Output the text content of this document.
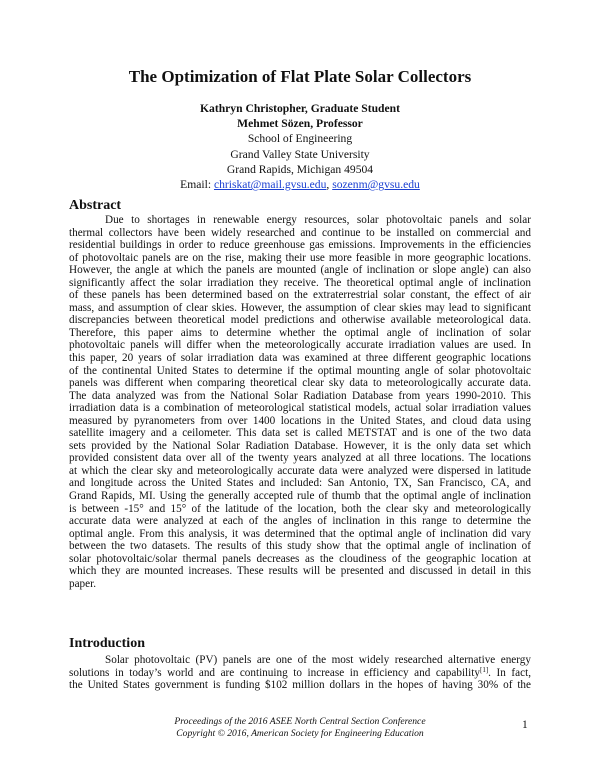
The Optimization of Flat Plate Solar Collectors
Kathryn Christopher, Graduate Student
Mehmet Sözen, Professor
School of Engineering
Grand Valley State University
Grand Rapids, Michigan 49504
Email: chriskat@mail.gvsu.edu, sozenm@gvsu.edu
Abstract
Due to shortages in renewable energy resources, solar photovoltaic panels and solar
thermal collectors have been widely researched and continue to be installed on commercial and
residential buildings in order to reduce greenhouse gas emissions. Improvements in the efficiencies
of photovoltaic panels are on the rise, making their use more feasible in more geographic locations.
However, the angle at which the panels are mounted (angle of inclination or slope angle) can also
significantly affect the solar irradiation they receive. The theoretical optimal angle of inclination
of these panels has been determined based on the extraterrestrial solar constant, the effect of air
mass, and assumption of clear skies. However, the assumption of clear skies may lead to significant
discrepancies between theoretical model predictions and otherwise available meteorological data.
Therefore, this paper aims to determine whether the optimal angle of inclination of solar
photovoltaic panels will differ when the meteorologically accurate irradiation values are used. In
this paper, 20 years of solar irradiation data was examined at three different geographic locations
of the continental United States to determine if the optimal mounting angle of solar photovoltaic
panels was different when comparing theoretical clear sky data to meteorologically accurate data.
The data analyzed was from the National Solar Radiation Database from years 1990-2010. This
irradiation data is a combination of meteorological statistical models, actual solar irradiation values
measured by pyranometers from over 1400 locations in the United States, and cloud data using
satellite imagery and a ceilometer. This data set is called METSTAT and is one of the two data
sets provided by the National Solar Radiation Database. However, it is the only data set which
provided consistent data over all of the twenty years analyzed at all three locations. The locations
at which the clear sky and meteorologically accurate data were analyzed were dispersed in latitude
and longitude across the United States and included: San Antonio, TX, San Francisco, CA, and
Grand Rapids, MI. Using the generally accepted rule of thumb that the optimal angle of inclination
is between -15° and 15° of the latitude of the location, both the clear sky and meteorologically
accurate data were analyzed at each of the angles of inclination in this range to determine the
optimal angle. From this analysis, it was determined that the optimal angle of inclination did vary
between the two datasets. The results of this study show that the optimal angle of inclination of
solar photovoltaic/solar thermal panels decreases as the cloudiness of the geographic location at
which they are mounted increases. These results will be presented and discussed in detail in this
paper.
Introduction
Solar photovoltaic (PV) panels are one of the most widely researched alternative energy
solutions in today’s world and are continuing to increase in efficiency and capability[1]. In fact,
the United States government is funding $102 million dollars in the hopes of having 30% of the
Proceedings of the 2016 ASEE North Central Section Conference
Copyright © 2016, American Society for Engineering Education
1
